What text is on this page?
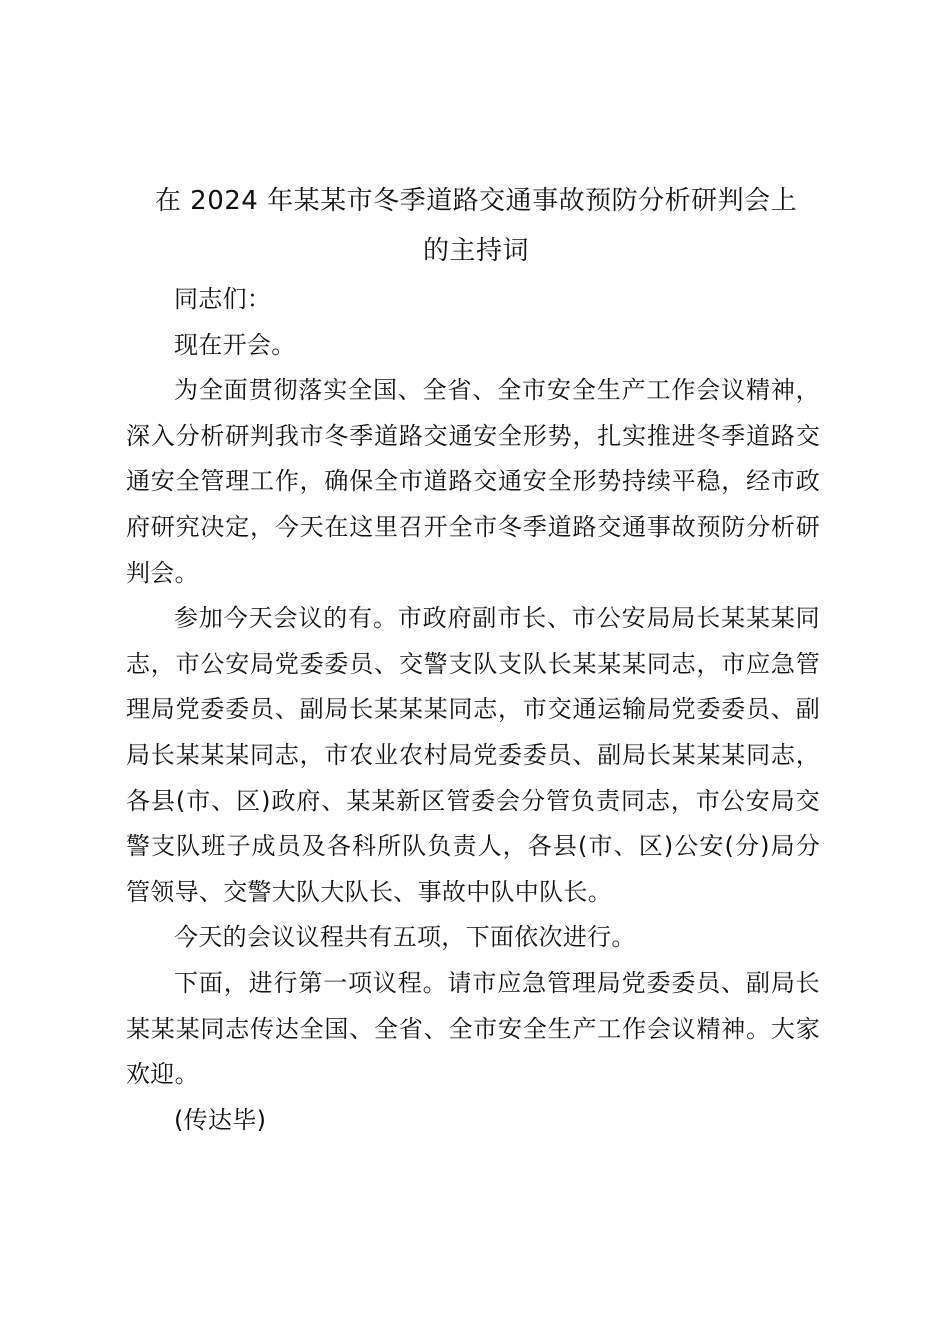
在 2024 年某某市冬季道路交通事故预防分析研判会上
的主持词

同志们：

现在开会。

为全面贯彻落实全国、全省、全市安全生产工作会议精神，深入分析研判我市冬季道路交通安全形势，扎实推进冬季道路交通安全管理工作，确保全市道路交通安全形势持续平稳，经市政府研究决定，今天在这里召开全市冬季道路交通事故预防分析研判会。

参加今天会议的有。市政府副市长、市公安局局长某某某同志，市公安局党委委员、交警支队支队长某某某同志，市应急管理局党委委员、副局长某某某同志，市交通运输局党委委员、副局长某某某同志，市农业农村局党委委员、副局长某某某同志，各县(市、区)政府、某某新区管委会分管负责同志，市公安局交警支队班子成员及各科所队负责人，各县(市、区)公安(分)局分管领导、交警大队大队长、事故中队中队长。

今天的会议议程共有五项，下面依次进行。

下面，进行第一项议程。请市应急管理局党委委员、副局长某某某同志传达全国、全省、全市安全生产工作会议精神。大家欢迎。

(传达毕)
